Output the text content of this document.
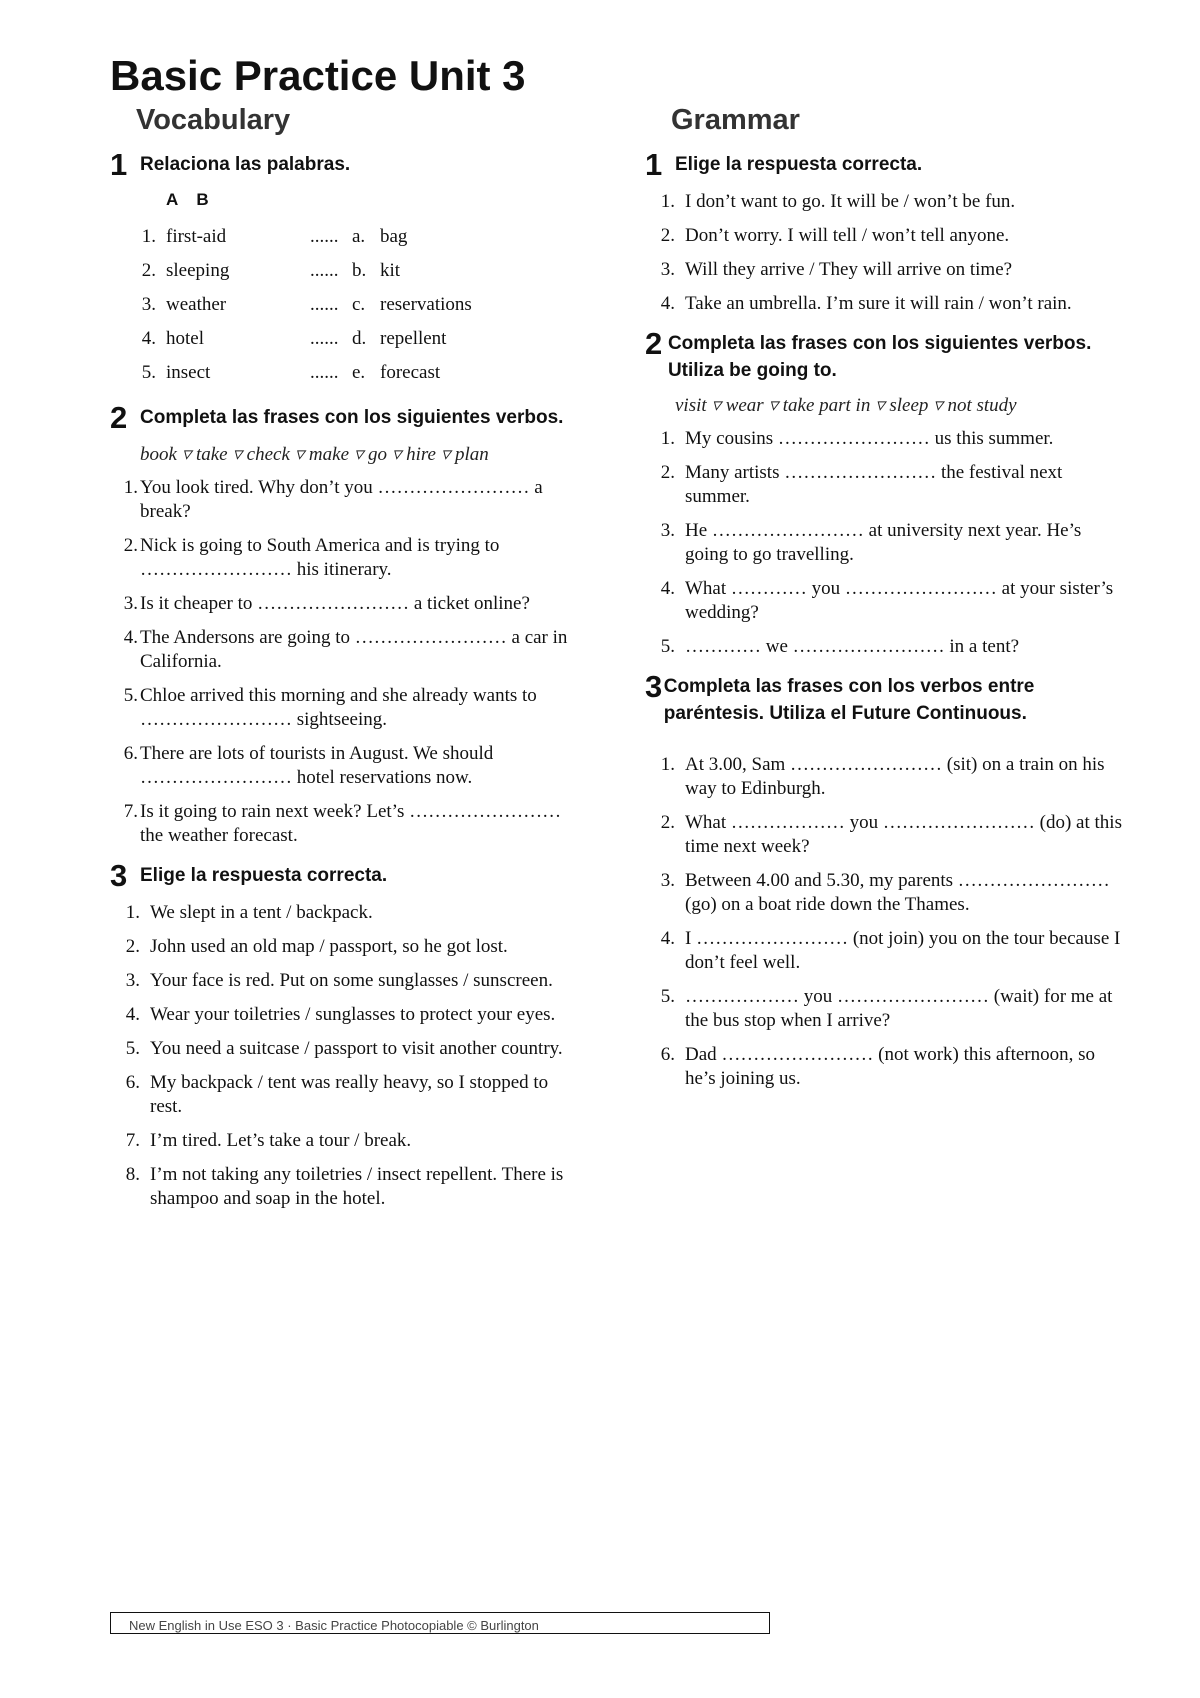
Basic Practice Unit 3
Vocabulary
1 Relaciona las palabras.
A B
1. first-aid	...... a. bag
2. sleeping	...... b. kit
3. weather	...... c. reservations
4. hotel	...... d. repellent
5. insect	...... e. forecast
2 Completa las frases con los siguientes verbos.
book ▿ take ▿ check ▿ make ▿ go ▿ hire ▿ plan
1. You look tired. Why don’t you …………………… a break?
2. Nick is going to South America and is trying to …………………… his itinerary.
3. Is it cheaper to …………………… a ticket online?
4. The Andersons are going to …………………… a car in California.
5. Chloe arrived this morning and she already wants to …………………… sightseeing.
6. There are lots of tourists in August. We should …………………… hotel reservations now.
7. Is it going to rain next week? Let’s …………………… the weather forecast.
3 Elige la respuesta correcta.
1. We slept in a tent / backpack.
2. John used an old map / passport, so he got lost.
3. Your face is red. Put on some sunglasses / sunscreen.
4. Wear your toiletries / sunglasses to protect your eyes.
5. You need a suitcase / passport to visit another country.
6. My backpack / tent was really heavy, so I stopped to rest.
7. I’m tired. Let’s take a tour / break.
8. I’m not taking any toiletries / insect repellent. There is shampoo and soap in the hotel.
Grammar
1 Elige la respuesta correcta.
1. I don’t want to go. It will be / won’t be fun.
2. Don’t worry. I will tell / won’t tell anyone.
3. Will they arrive / They will arrive on time?
4. Take an umbrella. I’m sure it will rain / won’t rain.
2 Completa las frases con los siguientes verbos. Utiliza be going to.
visit ▿ wear ▿ take part in ▿ sleep ▿ not study
1. My cousins …………………… us this summer.
2. Many artists …………………… the festival next summer.
3. He …………………… at university next year. He’s going to go travelling.
4. What ………… you …………………… at your sister’s wedding?
5. ………… we …………………… in a tent?
3 Completa las frases con los verbos entre paréntesis. Utiliza el Future Continuous.
1. At 3.00, Sam …………………… (sit) on a train on his way to Edinburgh.
2. What ……………… you …………………… (do) at this time next week?
3. Between 4.00 and 5.30, my parents …………………… (go) on a boat ride down the Thames.
4. I …………………… (not join) you on the tour because I don’t feel well.
5. ……………… you …………………… (wait) for me at the bus stop when I arrive?
6. Dad …………………… (not work) this afternoon, so he’s joining us.
New English in Use ESO 3 · Basic Practice Photocopiable © Burlington
